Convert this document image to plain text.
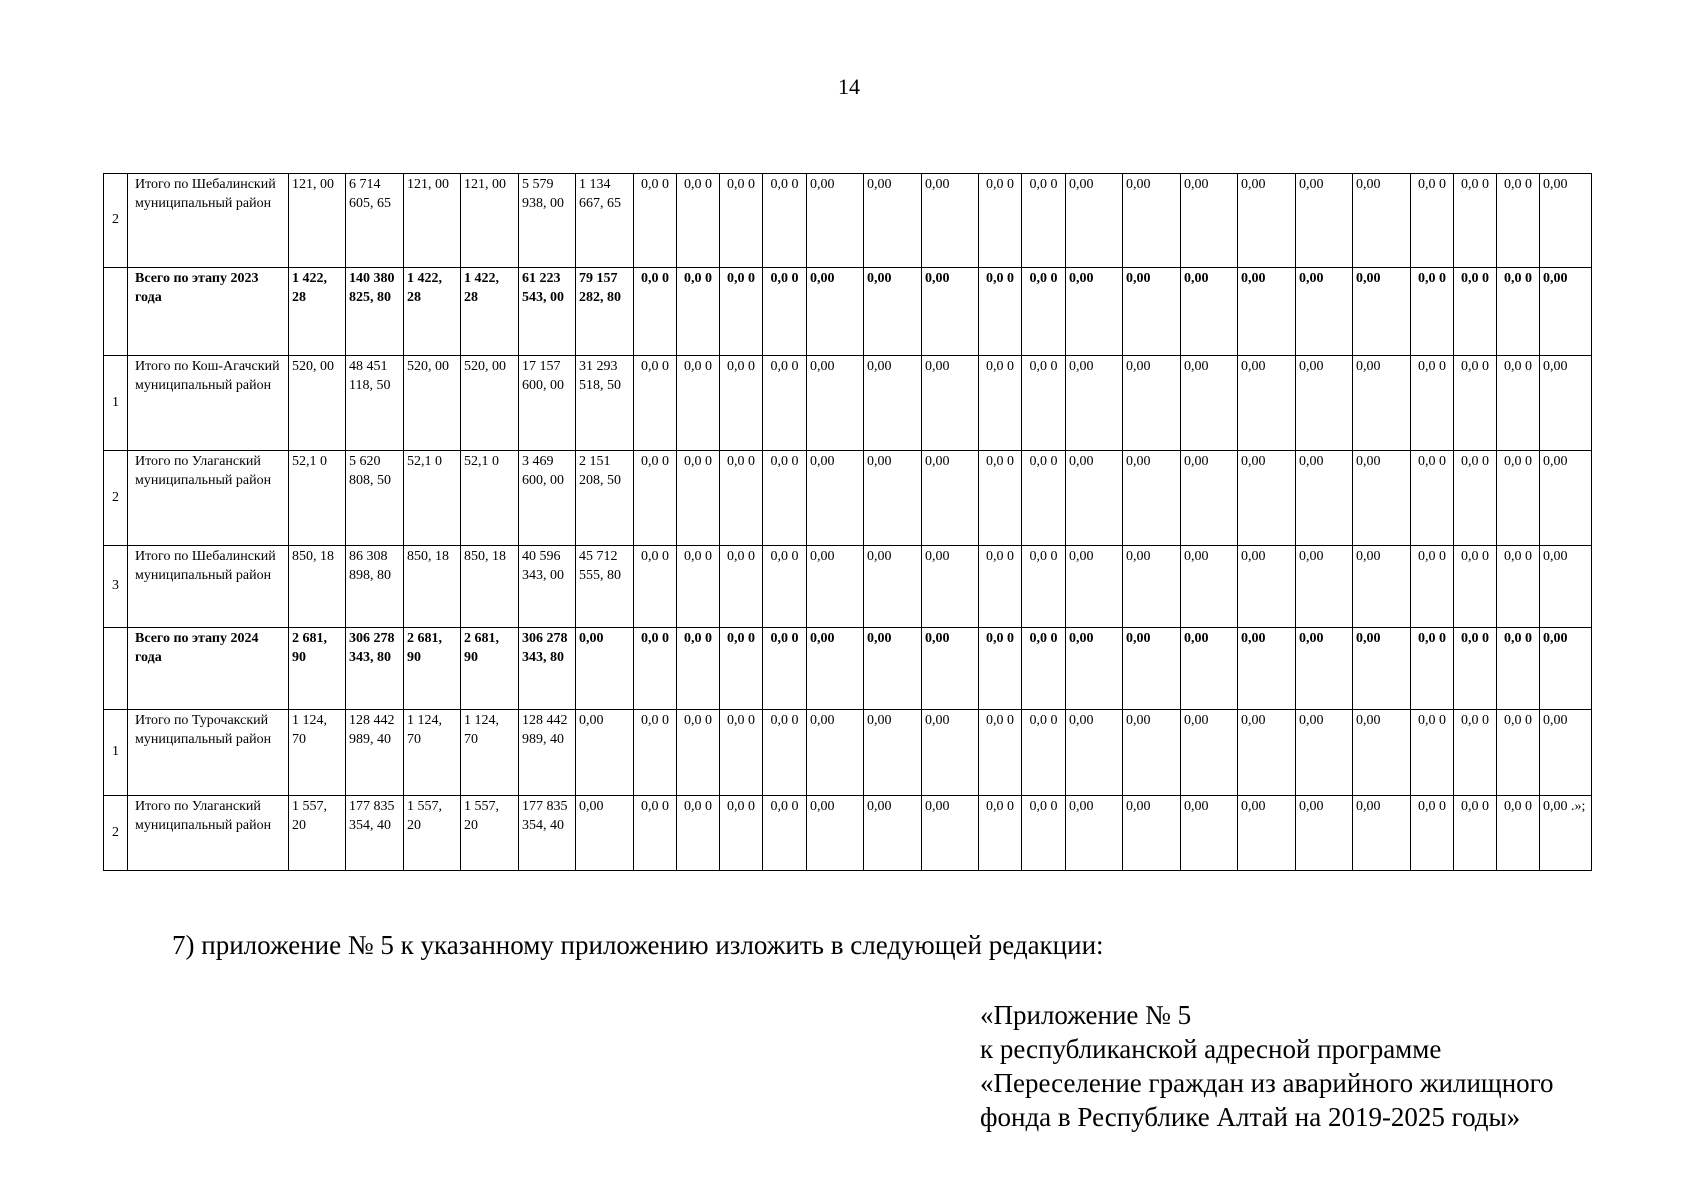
14
2	Итого по Шебалинский муниципальный район	121, 00	6 714 605, 65	121, 00	121, 00	5 579 938, 00	1 134 667, 65	0,0 0	0,0 0	0,0 0	0,0 0	0,00	0,00	0,00	0,0 0	0,0 0	0,00	0,00	0,00	0,00	0,00	0,00	0,0 0	0,0 0	0,0 0	0,00
	Всего по этапу 2023 года	1 422, 28	140 380 825, 80	1 422, 28	1 422, 28	61 223 543, 00	79 157 282, 80	0,0 0	0,0 0	0,0 0	0,0 0	0,00	0,00	0,00	0,0 0	0,0 0	0,00	0,00	0,00	0,00	0,00	0,00	0,0 0	0,0 0	0,0 0	0,00
1	Итого по Кош-Агачский муниципальный район	520, 00	48 451 118, 50	520, 00	520, 00	17 157 600, 00	31 293 518, 50	0,0 0	0,0 0	0,0 0	0,0 0	0,00	0,00	0,00	0,0 0	0,0 0	0,00	0,00	0,00	0,00	0,00	0,00	0,0 0	0,0 0	0,0 0	0,00
2	Итого по Улаганский муниципальный район	52,1 0	5 620 808, 50	52,1 0	52,1 0	3 469 600, 00	2 151 208, 50	0,0 0	0,0 0	0,0 0	0,0 0	0,00	0,00	0,00	0,0 0	0,0 0	0,00	0,00	0,00	0,00	0,00	0,00	0,0 0	0,0 0	0,0 0	0,00
3	Итого по Шебалинский муниципальный район	850, 18	86 308 898, 80	850, 18	850, 18	40 596 343, 00	45 712 555, 80	0,0 0	0,0 0	0,0 0	0,0 0	0,00	0,00	0,00	0,0 0	0,0 0	0,00	0,00	0,00	0,00	0,00	0,00	0,0 0	0,0 0	0,0 0	0,00
	Всего по этапу 2024 года	2 681, 90	306 278 343, 80	2 681, 90	2 681, 90	306 278 343, 80	0,00	0,0 0	0,0 0	0,0 0	0,0 0	0,00	0,00	0,00	0,0 0	0,0 0	0,00	0,00	0,00	0,00	0,00	0,00	0,0 0	0,0 0	0,0 0	0,00
1	Итого по Турочакский муниципальный район	1 124, 70	128 442 989, 40	1 124, 70	1 124, 70	128 442 989, 40	0,00	0,0 0	0,0 0	0,0 0	0,0 0	0,00	0,00	0,00	0,0 0	0,0 0	0,00	0,00	0,00	0,00	0,00	0,00	0,0 0	0,0 0	0,0 0	0,00
2	Итого по Улаганский муниципальный район	1 557, 20	177 835 354, 40	1 557, 20	1 557, 20	177 835 354, 40	0,00	0,0 0	0,0 0	0,0 0	0,0 0	0,00	0,00	0,00	0,0 0	0,0 0	0,00	0,00	0,00	0,00	0,00	0,00	0,0 0	0,0 0	0,0 0	0,00 .»;
7) приложение № 5 к указанному приложению изложить в следующей редакции:
«Приложение № 5
к республиканской адресной программе
«Переселение граждан из аварийного жилищного
фонда в Республике Алтай на 2019-2025 годы»
